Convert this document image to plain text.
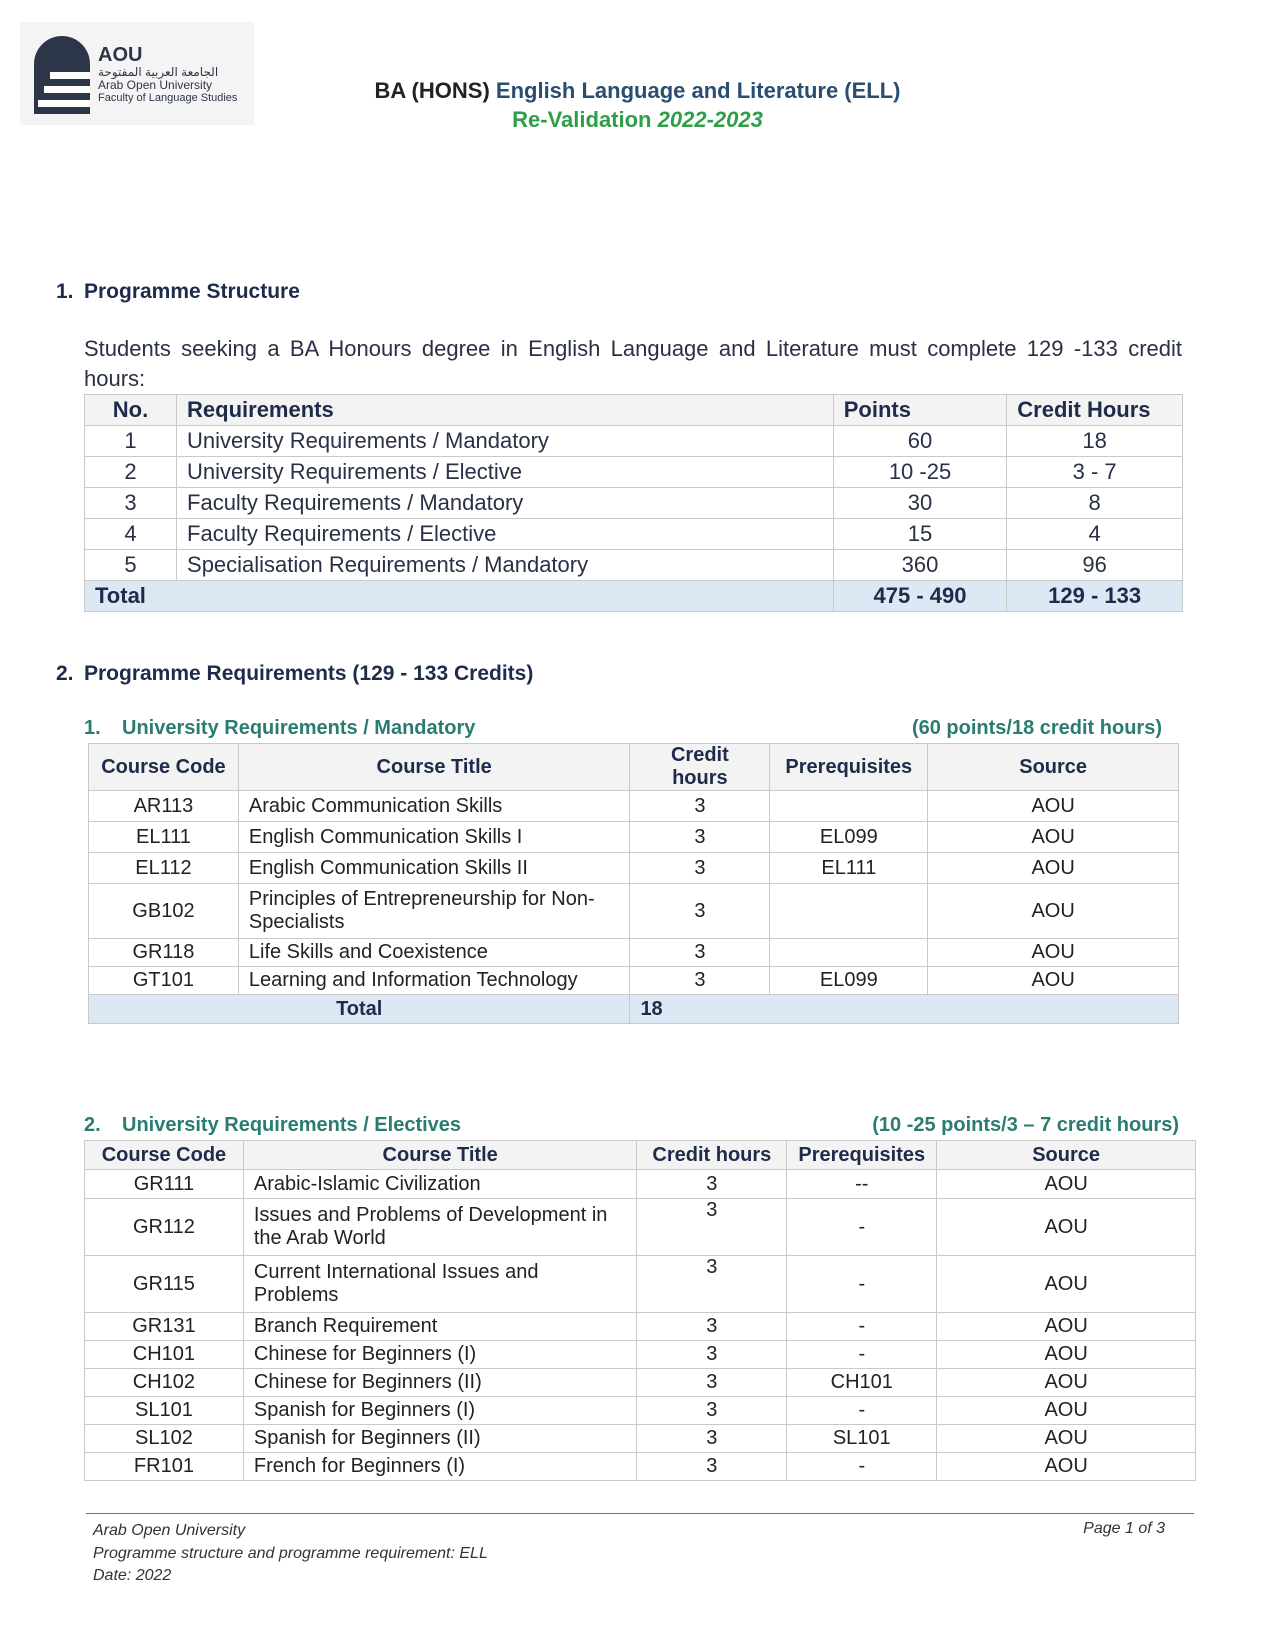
AOU
الجامعة العربية المفتوحة
Arab Open University
Faculty of Language Studies	BA (HONS) English Language and Literature (ELL)
Re-Validation 2022-2023
1. Programme Structure
Students seeking a BA Honours degree in English Language and Literature must complete 129 -133 credit hours:
No.	Requirements	Points	Credit Hours
1	University Requirements / Mandatory	60	18
2	University Requirements / Elective	10 -25	3 - 7
3	Faculty Requirements / Mandatory	30	8
4	Faculty Requirements / Elective	15	4
5	Specialisation Requirements / Mandatory	360	96
Total		475 - 490	129 - 133
2. Programme Requirements (129 - 133 Credits)
1. University Requirements / Mandatory	(60 points/18 credit hours)
Course Code	Course Title	Credit hours	Prerequisites	Source
AR113	Arabic Communication Skills	3		AOU
EL111	English Communication Skills I	3	EL099	AOU
EL112	English Communication Skills II	3	EL111	AOU
GB102	Principles of Entrepreneurship for Non-Specialists	3		AOU
GR118	Life Skills and Coexistence	3		AOU
GT101	Learning and Information Technology	3	EL099	AOU
Total		18		
2. University Requirements / Electives	(10 -25 points/3 – 7 credit hours)
Course Code	Course Title	Credit hours	Prerequisites	Source
GR111	Arabic-Islamic Civilization	3	--	AOU
GR112	Issues and Problems of Development in the Arab World	3	-	AOU
GR115	Current International Issues and Problems	3	-	AOU
GR131	Branch Requirement	3	-	AOU
CH101	Chinese for Beginners (I)	3	-	AOU
CH102	Chinese for Beginners (II)	3	CH101	AOU
SL101	Spanish for Beginners (I)	3	-	AOU
SL102	Spanish for Beginners (II)	3	SL101	AOU
FR101	French for Beginners (I)	3	-	AOU
Arab Open University
Programme structure and programme requirement: ELL
Date: 2022
Page 1 of 3
